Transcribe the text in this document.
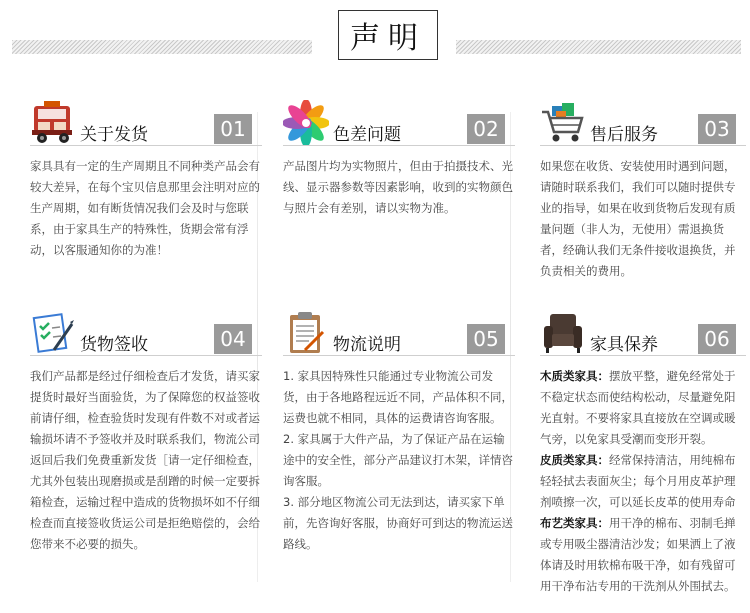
声明
01
关于发货
家具具有一定的生产周期且不同种类产品会有较大差异，在每个宝贝信息那里会注明对应的生产周期，如有断货情况我们会及时与您联系，由于家具生产的特殊性，货期会常有浮动，以客服通知你的为准！
02
色差问题
产品图片均为实物照片，但由于拍摄技术、光线、显示器参数等因素影响，收到的实物颜色与照片会有差别，请以实物为准。
03
售后服务
如果您在收货、安装使用时遇到问题，请随时联系我们，我们可以随时提供专业的指导，如果在收到货物后发现有质量问题（非人为，无使用）需退换货者，经确认我们无条件接收退换货，并负责相关的费用。
04
货物签收
我们产品都是经过仔细检查后才发货，请买家提货时最好当面验货，为了保障您的权益签收前请仔细，检查验货时发现有件数不对或者运输损坏请不予签收并及时联系我们，物流公司返回后我们免费重新发货［请一定仔细检查，尤其外包装出现磨损或是刮蹭的时候一定要拆箱检查，运输过程中造成的货物损坏如不仔细检查而直接签收货运公司是拒绝赔偿的，会给您带来不必要的损失。
05
物流说明

1. 家具因特殊性只能通过专业物流公司发货，由于各地路程远近不同，产品体积不同，运费也就不相同，具体的运费请咨询客服。

2. 家具属于大件产品，为了保证产品在运输途中的安全性，部分产品建议打木架，详情咨询客服。

3. 部分地区物流公司无法到达，请买家下单前，先咨询好客服，协商好可到达的物流运送路线。

06
家具保养

木质类家具：摆放平整，避免经常处于不稳定状态而使结构松动，尽量避免阳光直射。不要将家具直接放在空调或暖气旁，以免家具受潮而变形开裂。

皮质类家具：经常保持清洁，用纯棉布轻轻拭去表面灰尘；每个月用皮革护理剂喷擦一次，可以延长皮革的使用寿命

布艺类家具：用干净的棉布、羽制毛掸或专用吸尘器清洁沙发；如果洒上了液体请及时用软棉布吸干净，如有残留可用干净布沾专用的干洗剂从外围拭去。
